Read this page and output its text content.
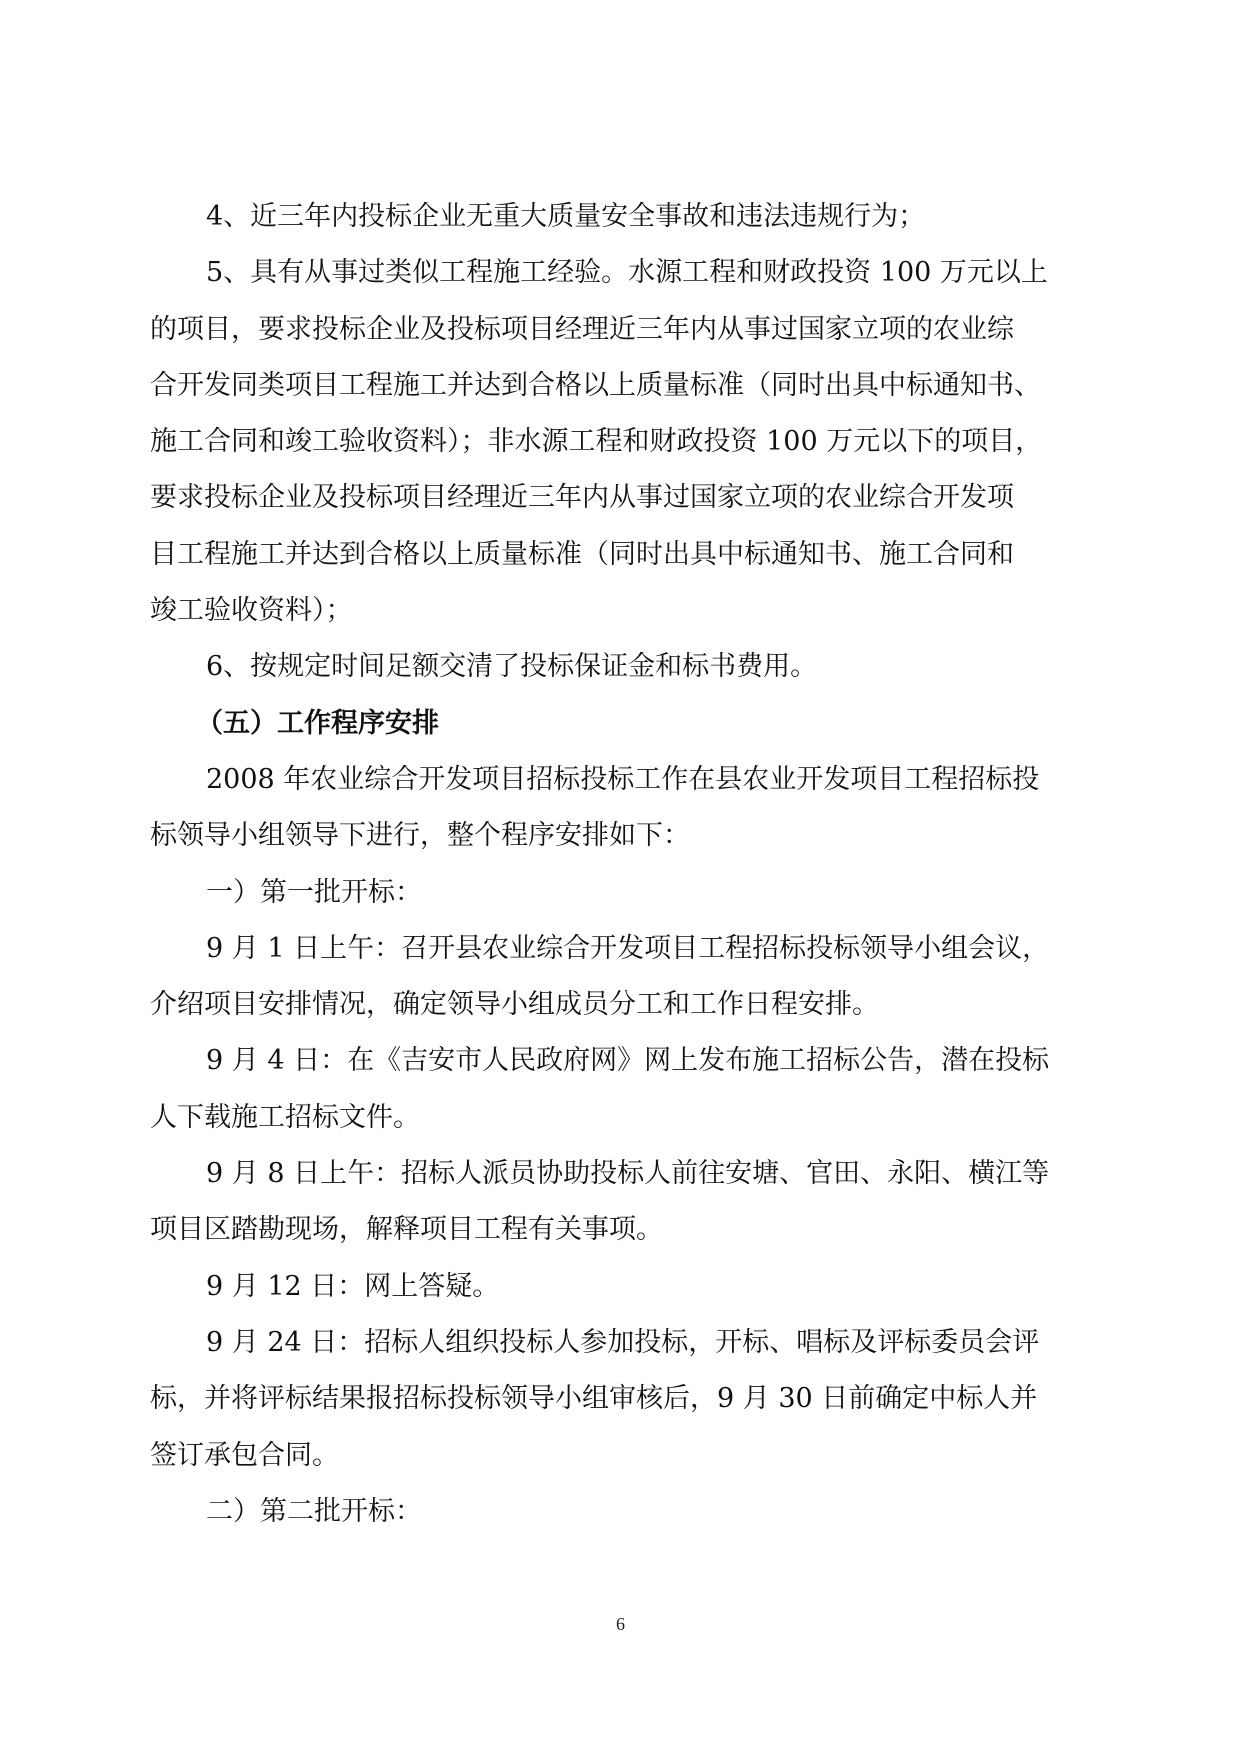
4、近三年内投标企业无重大质量安全事故和违法违规行为；
5、具有从事过类似工程施工经验。水源工程和财政投资 100 万元以上
的项目，要求投标企业及投标项目经理近三年内从事过国家立项的农业综
合开发同类项目工程施工并达到合格以上质量标准（同时出具中标通知书、
施工合同和竣工验收资料）；非水源工程和财政投资 100 万元以下的项目，
要求投标企业及投标项目经理近三年内从事过国家立项的农业综合开发项
目工程施工并达到合格以上质量标准（同时出具中标通知书、施工合同和
竣工验收资料）；
6、按规定时间足额交清了投标保证金和标书费用。
（五）工作程序安排
2008 年农业综合开发项目招标投标工作在县农业开发项目工程招标投
标领导小组领导下进行，整个程序安排如下：
一）第一批开标：
9 月 1 日上午：召开县农业综合开发项目工程招标投标领导小组会议，
介绍项目安排情况，确定领导小组成员分工和工作日程安排。
9 月 4 日：在《吉安市人民政府网》网上发布施工招标公告，潜在投标
人下载施工招标文件。
9 月 8 日上午：招标人派员协助投标人前往安塘、官田、永阳、横江等
项目区踏勘现场，解释项目工程有关事项。
9 月 12 日：网上答疑。
9 月 24 日：招标人组织投标人参加投标，开标、唱标及评标委员会评
标，并将评标结果报招标投标领导小组审核后，9 月 30 日前确定中标人并
签订承包合同。
二）第二批开标：
6
